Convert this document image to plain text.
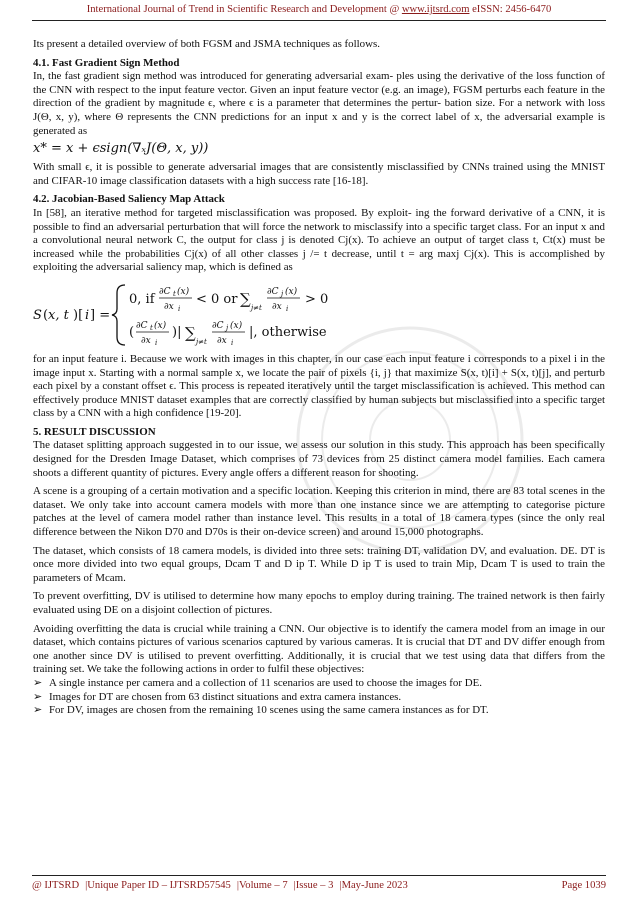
International Journal of Trend in Scientific Research and Development @ www.ijtsrd.com eISSN: 2456-6470

Its present a detailed overview of both FGSM and JSMA techniques as follows.

4.1. Fast Gradient Sign Method

In, the fast gradient sign method was introduced for generating adversarial exam- ples using the derivative of the loss function of the CNN with respect to the input feature vector. Given an input feature vector (e.g. an image), FGSM perturbs each feature in the direction of the gradient by magnitude ϵ, where ϵ is a parameter that determines the pertur- bation size. For a network with loss J(Θ, x, y), where Θ represents the CNN predictions for an input x and y is the correct label of x, the adversarial example is generated as

x* = x + ϵsign(∇ₓJ(Θ, x, y))

With small ϵ, it is possible to generate adversarial images that are consistently misclassified by CNNs trained using the MNIST and CIFAR-10 image classification datasets with a high success rate [16-18].

4.2. Jacobian-Based Saliency Map Attack

In [58], an iterative method for targeted misclassification was proposed. By exploit- ing the forward derivative of a CNN, it is possible to find an adversarial perturbation that will force the network to misclassify into a specific target class. For an input x and a convolutional neural network C, the output for class j is denoted Cj(x). To achieve an output of target class t, Ct(x) must be increased while the probabilities Cj(x) of all other classes j /= t decrease, until t = arg maxj Cj(x). This is accomplished by exploiting the adversarial saliency map, which is defined as

S ( x, t )[ i ] =
0, if ∂C t (x)
∂x i
< 0 or ∑ j≠t
∂C j (x)
∂x i
> 0
( ∂C t (x)
∂x i
)| ∑ j≠t
∂C j (x)
∂x i
|, otherwise

for an input feature i. Because we work with images in this chapter, in our case each input feature i corresponds to a pixel i in the image input x. Starting with a normal sample x, we locate the pair of pixels {i, j} that maximize S(x, t)[i] + S(x, t)[j], and perturb each pixel by a constant offset ϵ. This process is repeated iteratively until the target misclassification is achieved. This method can effectively produce MNIST dataset examples that are correctly classified by human subjects but misclassified into a specific target class by a CNN with a high confidence [19-20].

5. RESULT DISCUSSION

The dataset splitting approach suggested in to our issue, we assess our solution in this study. This approach has been specifically designed for the Dresden Image Dataset, which comprises of 73 devices from 25 distinct camera model families. Each camera shoots a different quantity of pictures. Every angle offers a different reason for shooting.

A scene is a grouping of a certain motivation and a specific location. Keeping this criterion in mind, there are 83 total scenes in the dataset. We only take into account camera models with more than one instance since we are attempting to categorise picture patches at the level of camera model rather than instance level. This results in a total of 18 camera types (since the only real difference between the Nikon D70 and D70s is their on-device screen) and around 15,000 photographs.

The dataset, which consists of 18 camera models, is divided into three sets: training DT, validation DV, and evaluation. DE. DT is once more divided into two equal groups, Dcam T and D ip T. While D ip T is used to train Mip, Dcam T is used to train the parameters of Mcam.

To prevent overfitting, DV is utilised to determine how many epochs to employ during training. The trained network is then fairly evaluated using DE on a disjoint collection of pictures.

Avoiding overfitting the data is crucial while training a CNN. Our objective is to identify the camera model from an image in our dataset, which contains pictures of various scenarios captured by various cameras. It is crucial that DT and DV differ enough from one another since DV is utilised to prevent overfitting. Additionally, it is crucial that we test using data that differs from the training set. We take the following actions in order to fulfil these objectives:

➢ A single instance per camera and a collection of 11 scenarios are used to choose the images for DE.
➢ Images for DT are chosen from 63 distinct situations and extra camera instances.
➢ For DV, images are chosen from the remaining 10 scenes using the same camera instances as for DT.
@ IJTSRD |Unique Paper ID – IJTSRD57545 |Volume – 7 |Issue – 3 |May-June 2023	Page 1039
